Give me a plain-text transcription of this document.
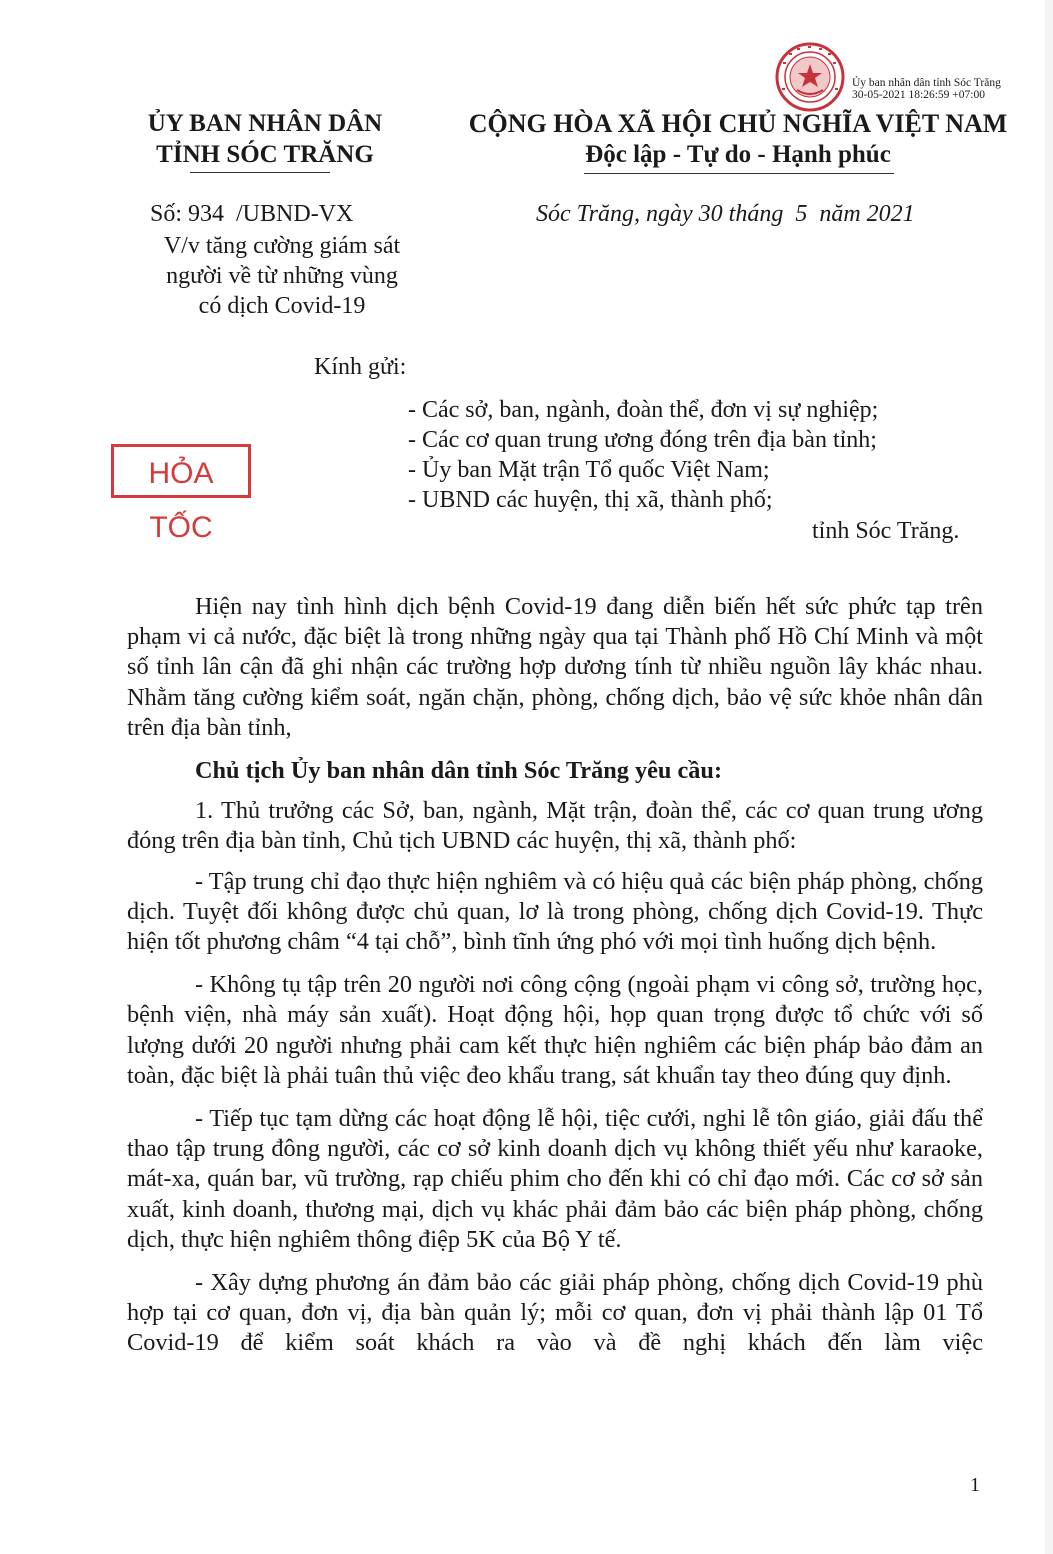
ỦY BAN NHÂN DÂN
TỈNH SÓC TRĂNG
CỘNG HÒA XÃ HỘI CHỦ NGHĨA VIỆT NAM
Độc lập - Tự do - Hạnh phúc
Ủy ban nhân dân tỉnh Sóc Trăng
30-05-2021 18:26:59 +07:00
Số: 934  /UBND-VX
V/v tăng cường giám sát
người về từ những vùng
có dịch Covid-19
Sóc Trăng, ngày 30 tháng  5  năm 2021
HỎA TỐC
Kính gửi:
- Các sở, ban, ngành, đoàn thể, đơn vị sự nghiệp;
- Các cơ quan trung ương đóng trên địa bàn tỉnh;
- Ủy ban Mặt trận Tổ quốc Việt Nam;
- UBND các huyện, thị xã, thành phố;
tỉnh Sóc Trăng.

Hiện nay tình hình dịch bệnh Covid-19 đang diễn biến hết sức phức tạp trên phạm vi cả nước, đặc biệt là trong những ngày qua tại Thành phố Hồ Chí Minh và một số tỉnh lân cận đã ghi nhận các trường hợp dương tính từ nhiều nguồn lây khác nhau. Nhằm tăng cường kiểm soát, ngăn chặn, phòng, chống dịch, bảo vệ sức khỏe nhân dân trên địa bàn tỉnh,

Chủ tịch Ủy ban nhân dân tỉnh Sóc Trăng yêu cầu:

1. Thủ trưởng các Sở, ban, ngành, Mặt trận, đoàn thể, các cơ quan trung ương đóng trên địa bàn tỉnh, Chủ tịch UBND các huyện, thị xã, thành phố:

- Tập trung chỉ đạo thực hiện nghiêm và có hiệu quả các biện pháp phòng, chống dịch. Tuyệt đối không được chủ quan, lơ là trong phòng, chống dịch Covid-19. Thực hiện tốt phương châm “4 tại chỗ”, bình tĩnh ứng phó với mọi tình huống dịch bệnh.

- Không tụ tập trên 20 người nơi công cộng (ngoài phạm vi công sở, trường học, bệnh viện, nhà máy sản xuất). Hoạt động hội, họp quan trọng được tổ chức với số lượng dưới 20 người nhưng phải cam kết thực hiện nghiêm các biện pháp bảo đảm an toàn, đặc biệt là phải tuân thủ việc đeo khẩu trang, sát khuẩn tay theo đúng quy định.

- Tiếp tục tạm dừng các hoạt động lễ hội, tiệc cưới, nghi lễ tôn giáo, giải đấu thể thao tập trung đông người, các cơ sở kinh doanh dịch vụ không thiết yếu như karaoke, mát-xa, quán bar, vũ trường, rạp chiếu phim cho đến khi có chỉ đạo mới. Các cơ sở sản xuất, kinh doanh, thương mại, dịch vụ khác phải đảm bảo các biện pháp phòng, chống dịch, thực hiện nghiêm thông điệp 5K của Bộ Y tế.

- Xây dựng phương án đảm bảo các giải pháp phòng, chống dịch Covid-19 phù hợp tại cơ quan, đơn vị, địa bàn quản lý; mỗi cơ quan, đơn vị phải thành lập 01 Tổ Covid-19 để kiểm soát khách ra vào và đề nghị khách đến làm việc

1
